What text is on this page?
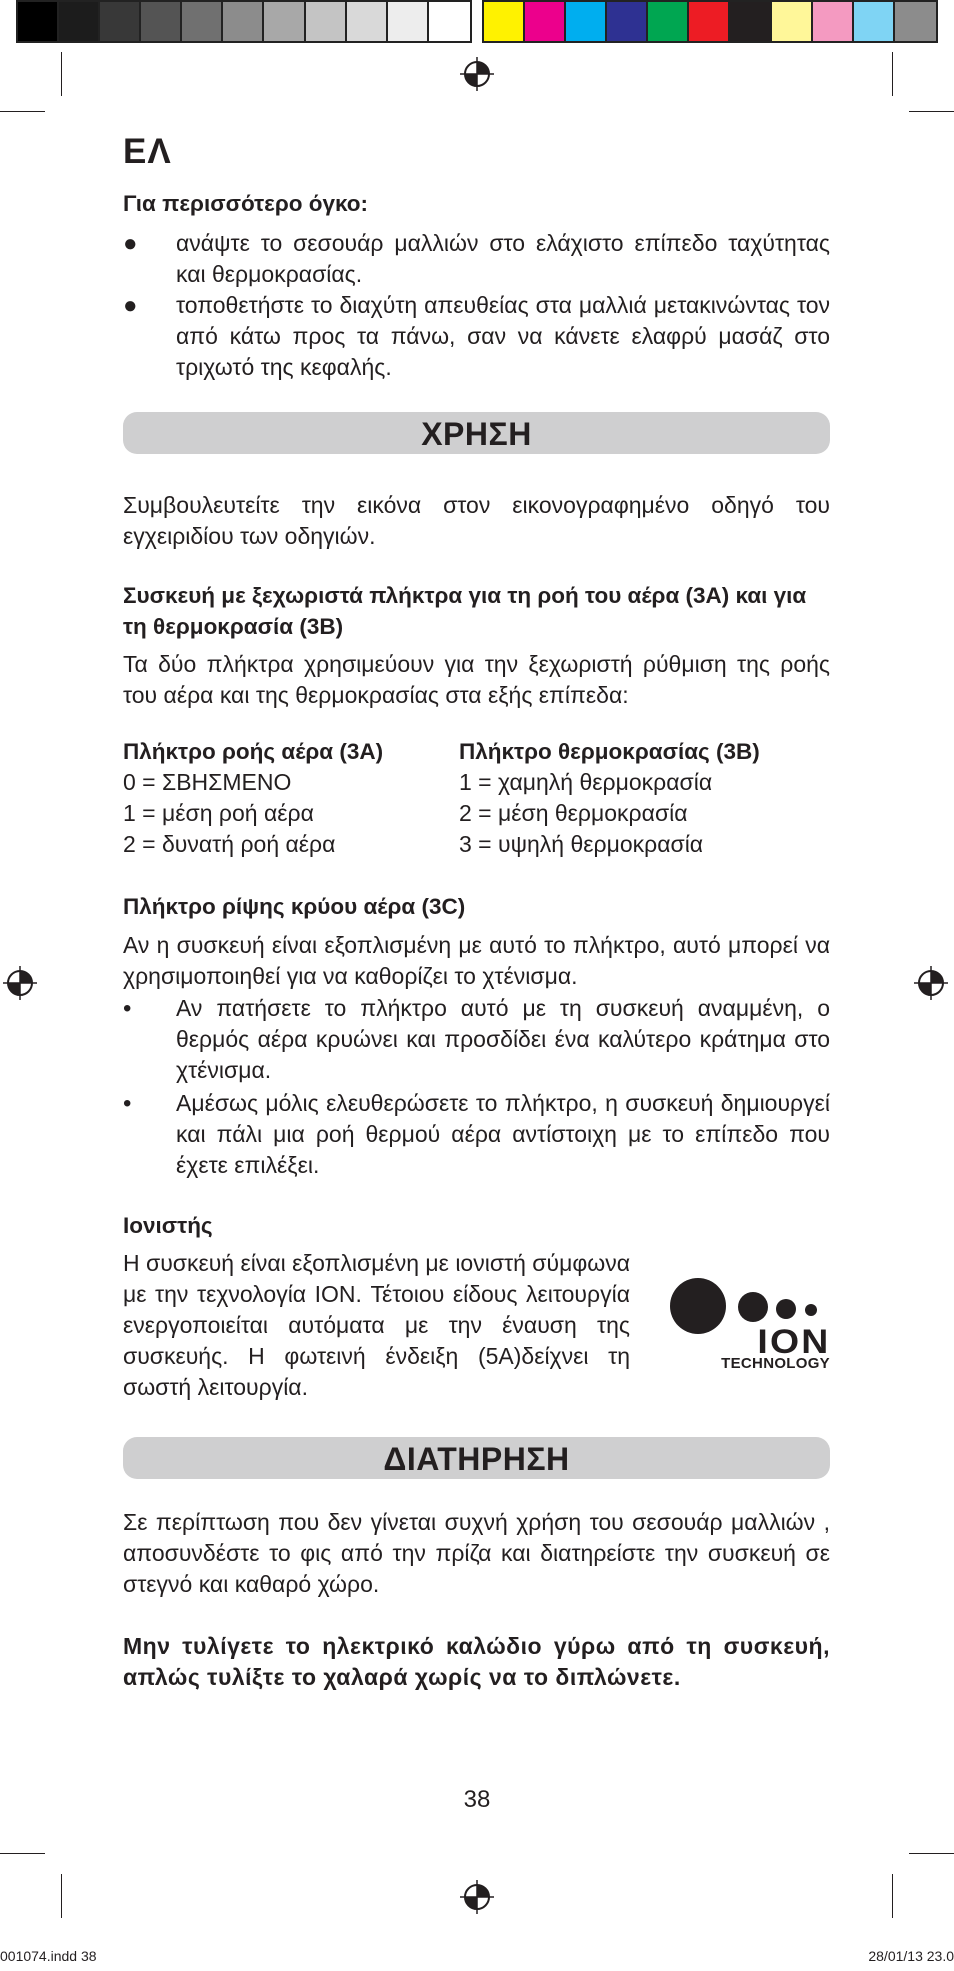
ΕΛ
Για περισσότερο όγκο:
● ανάψτε το σεσουάρ μαλλιών στο ελάχιστο επίπεδο ταχύτητας και θερμοκρασίας.
● τοποθετήστε το διαχύτη απευθείας στα μαλλιά μετακινώντας τον από κάτω προς τα πάνω, σαν να κάνετε ελαφρύ μασάζ στο τριχωτό της κεφαλής.
ΧΡΗΣΗ
Συμβουλευτείτε την εικόνα στον εικονογραφημένο οδηγό του εγχειριδίου των οδηγιών.
Συσκευή με ξεχωριστά πλήκτρα για τη ροή του αέρα (3A) και για τη θερμοκρασία (3B)
Τα δύο πλήκτρα χρησιμεύουν για την ξεχωριστή ρύθμιση της ροής του αέρα και της θερμοκρασίας στα εξής επίπεδα:
Πλήκτρο ροής αέρα (3A)
0 = ΣΒΗΣΜΕΝΟ
1 = μέση ροή αέρα
2 = δυνατή ροή αέρα
Πλήκτρο θερμοκρασίας (3B)
1 = χαμηλή θερμοκρασία
2 = μέση θερμοκρασία
3 = υψηλή θερμοκρασία
Πλήκτρο ρίψης κρύου αέρα (3C)
Αν η συσκευή είναι εξοπλισμένη με αυτό το πλήκτρο, αυτό μπορεί να χρησιμοποιηθεί για να καθορίζει το χτένισμα.
• Αν πατήσετε το πλήκτρο αυτό με τη συσκευή αναμμένη, ο θερμός αέρα κρυώνει και προσδίδει ένα καλύτερο κράτημα στο χτένισμα.
• Αμέσως μόλις ελευθερώσετε το πλήκτρο, η συσκευή δημιουργεί και πάλι μια ροή θερμού αέρα αντίστοιχη με το επίπεδο που έχετε επιλέξει.
Ιονιστής
Η συσκευή είναι εξοπλισμένη με ιονιστή σύμφωνα με την τεχνολογία ION. Τέτοιου είδους λειτουργία ενεργοποιείται αυτόματα με την έναυση της συσκευής. Η φωτεινή ένδειξη (5A)δείχνει τη σωστή λειτουργία.
ION
TECHNOLOGY
ΔΙΑΤΗΡΗΣΗ
Σε περίπτωση που δεν γίνεται συχνή χρήση του σεσουάρ μαλλιών , αποσυνδέστε το φις από την πρίζα και διατηρείστε την συσκευή σε στεγνό και καθαρό χώρο.
Μην τυλίγετε το ηλεκτρικό καλώδιο γύρω από τη συσκευή, απλώς τυλίξτε το χαλαρά χωρίς να το διπλώνετε.
38
001074.indd 38	28/01/13 23.0
